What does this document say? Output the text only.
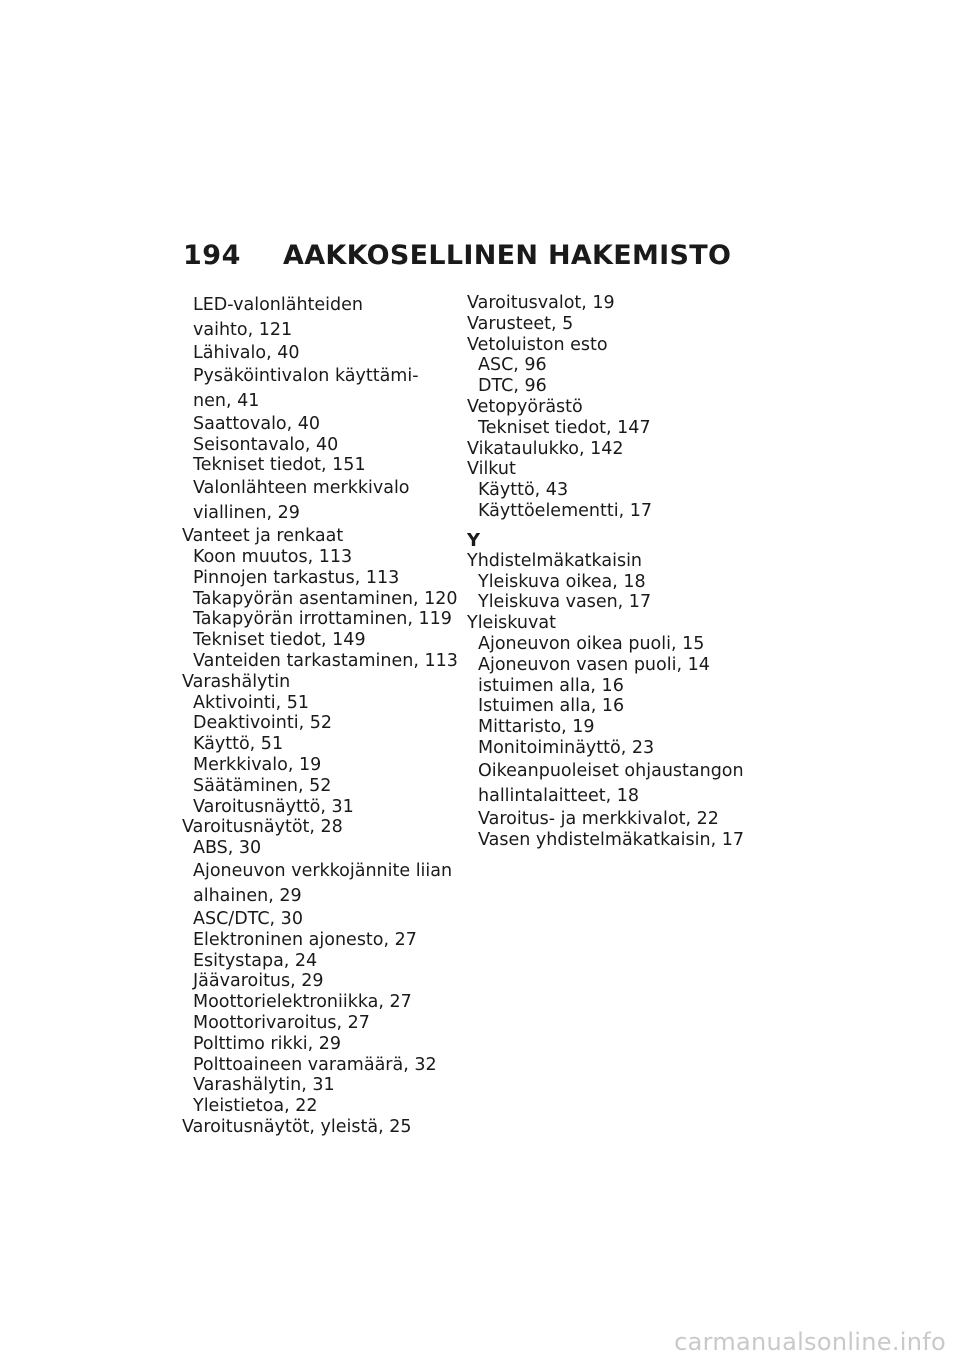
194	AAKKOSELLINEN HAKEMISTO
LED-valonlähteiden
vaihto, 121
Lähivalo, 40
Pysäköintivalon käyttämi-
nen, 41
Saattovalo, 40
Seisontavalo, 40
Tekniset tiedot, 151
Valonlähteen merkkivalo
viallinen, 29
Vanteet ja renkaat
Koon muutos, 113
Pinnojen tarkastus, 113
Takapyörän asentaminen, 120
Takapyörän irrottaminen, 119
Tekniset tiedot, 149
Vanteiden tarkastaminen, 113
Varashälytin
Aktivointi, 51
Deaktivointi, 52
Käyttö, 51
Merkkivalo, 19
Säätäminen, 52
Varoitusnäyttö, 31
Varoitusnäytöt, 28
ABS, 30
Ajoneuvon verkkojännite liian
alhainen, 29
ASC/DTC, 30
Elektroninen ajonesto, 27
Esitystapa, 24
Jäävaroitus, 29
Moottorielektroniikka, 27
Moottorivaroitus, 27
Polttimo rikki, 29
Polttoaineen varamäärä, 32
Varashälytin, 31
Yleistietoa, 22
Varoitusnäytöt, yleistä, 25
Varoitusvalot, 19
Varusteet, 5
Vetoluiston esto
ASC, 96
DTC, 96
Vetopyörästö
Tekniset tiedot, 147
Vikataulukko, 142
Vilkut
Käyttö, 43
Käyttöelementti, 17
Y
Yhdistelmäkatkaisin
Yleiskuva oikea, 18
Yleiskuva vasen, 17
Yleiskuvat
Ajoneuvon oikea puoli, 15
Ajoneuvon vasen puoli, 14
istuimen alla, 16
Istuimen alla, 16
Mittaristo, 19
Monitoiminäyttö, 23
Oikeanpuoleiset ohjaustangon
hallintalaitteet, 18
Varoitus- ja merkkivalot, 22
Vasen yhdistelmäkatkaisin, 17
carmanualsonline.info
